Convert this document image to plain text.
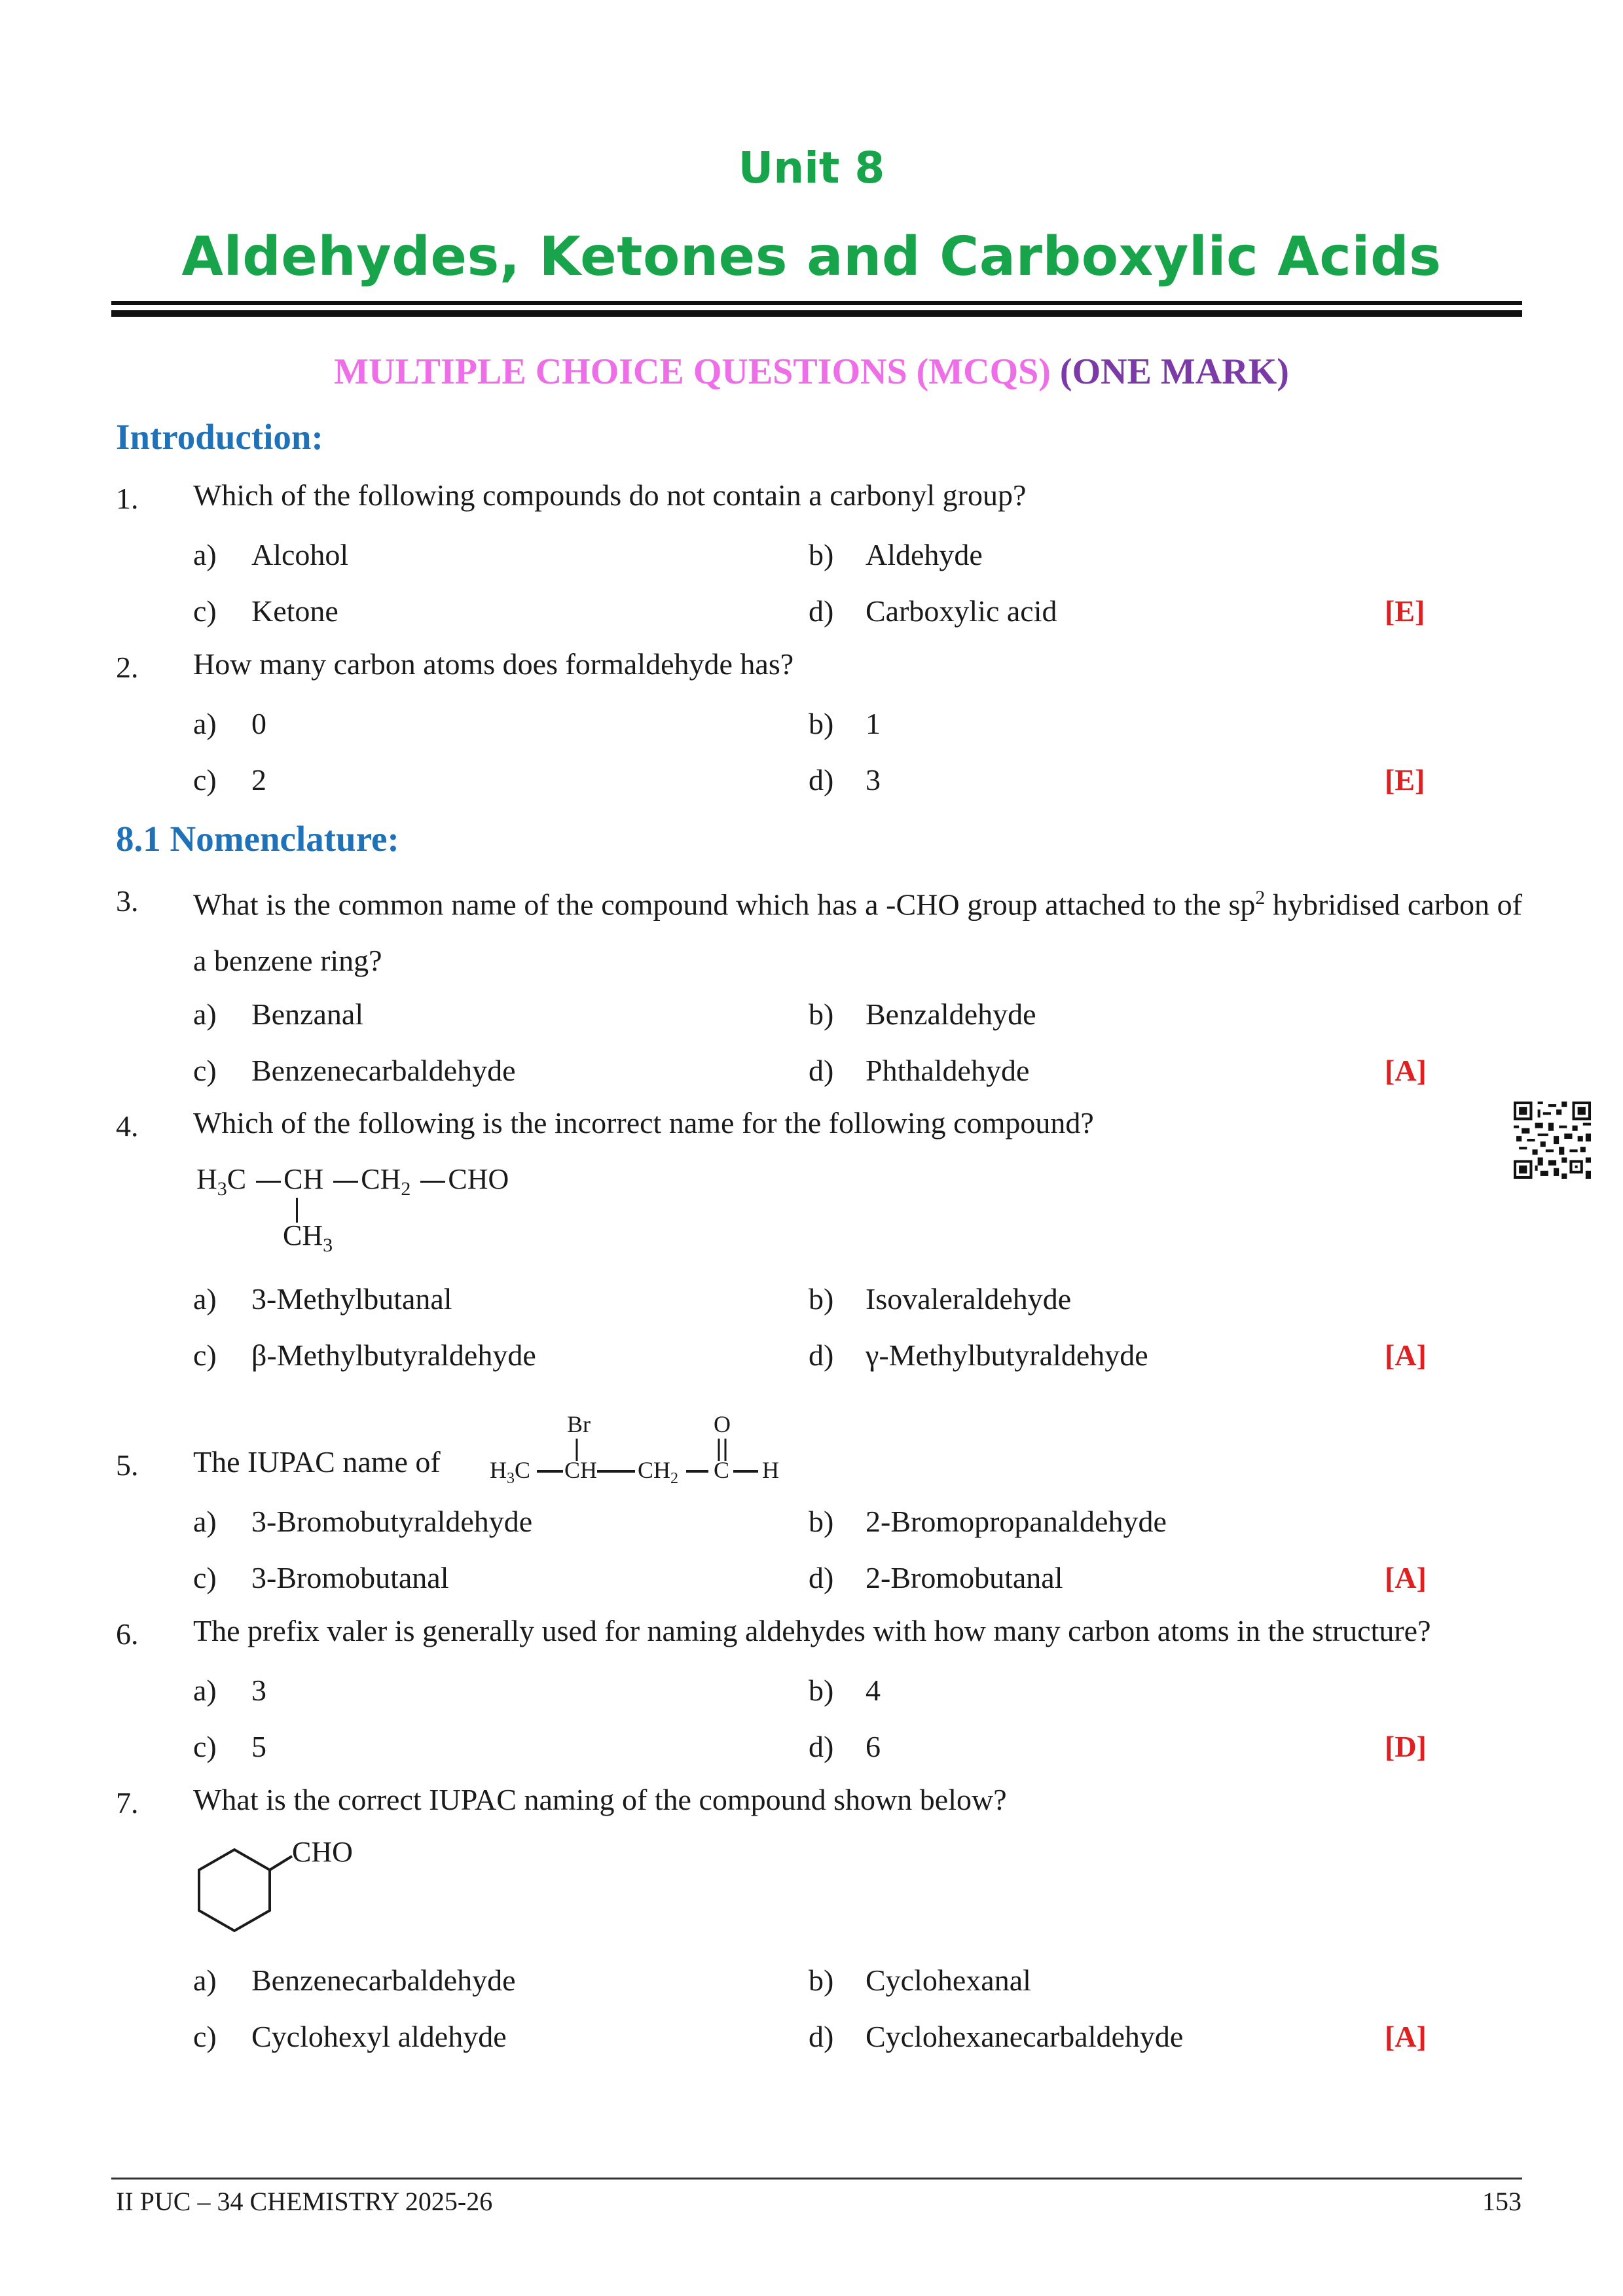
Unit 8
Aldehydes, Ketones and Carboxylic Acids
MULTIPLE CHOICE QUESTIONS (MCQS) (ONE MARK)
Introduction:
1. Which of the following compounds do not contain a carbonyl group?
a) Alcohol	b) Aldehyde
c) Ketone	d) Carboxylic acid	[E]
2. How many carbon atoms does formaldehyde has?
a) 0	b) 1
c) 2	d) 3	[E]
8.1 Nomenclature:
3. What is the common name of the compound which has a -CHO group attached to the $sp^2$ hybridised carbon of a benzene ring?
a) Benzanal	b) Benzaldehyde
c) Benzenecarbaldehyde	d) Phthaldehyde	[A]
4. Which of the following is the incorrect name for the following compound?
$H_3C$ CH $CH_2$ CHO
$CH_3$
a) 3-Methylbutanal	b) Isovaleraldehyde
c) β-Methylbutyraldehyde	d) γ-Methylbutyraldehyde	[A]
5. The IUPAC name of
Br	O
$H_3C$ CH $CH_2$ C H
a) 3-Bromobutyraldehyde	b) 2-Bromopropanaldehyde
c) 3-Bromobutanal	d) 2-Bromobutanal	[A]
6. The prefix valer is generally used for naming aldehydes with how many carbon atoms in the structure?
a) 3	b) 4
c) 5	d) 6	[D]
7. What is the correct IUPAC naming of the compound shown below?
CHO
a) Benzenecarbaldehyde	b) Cyclohexanal
c) Cyclohexyl aldehyde	d) Cyclohexanecarbaldehyde	[A]
II PUC – 34 CHEMISTRY 2025-26	153
